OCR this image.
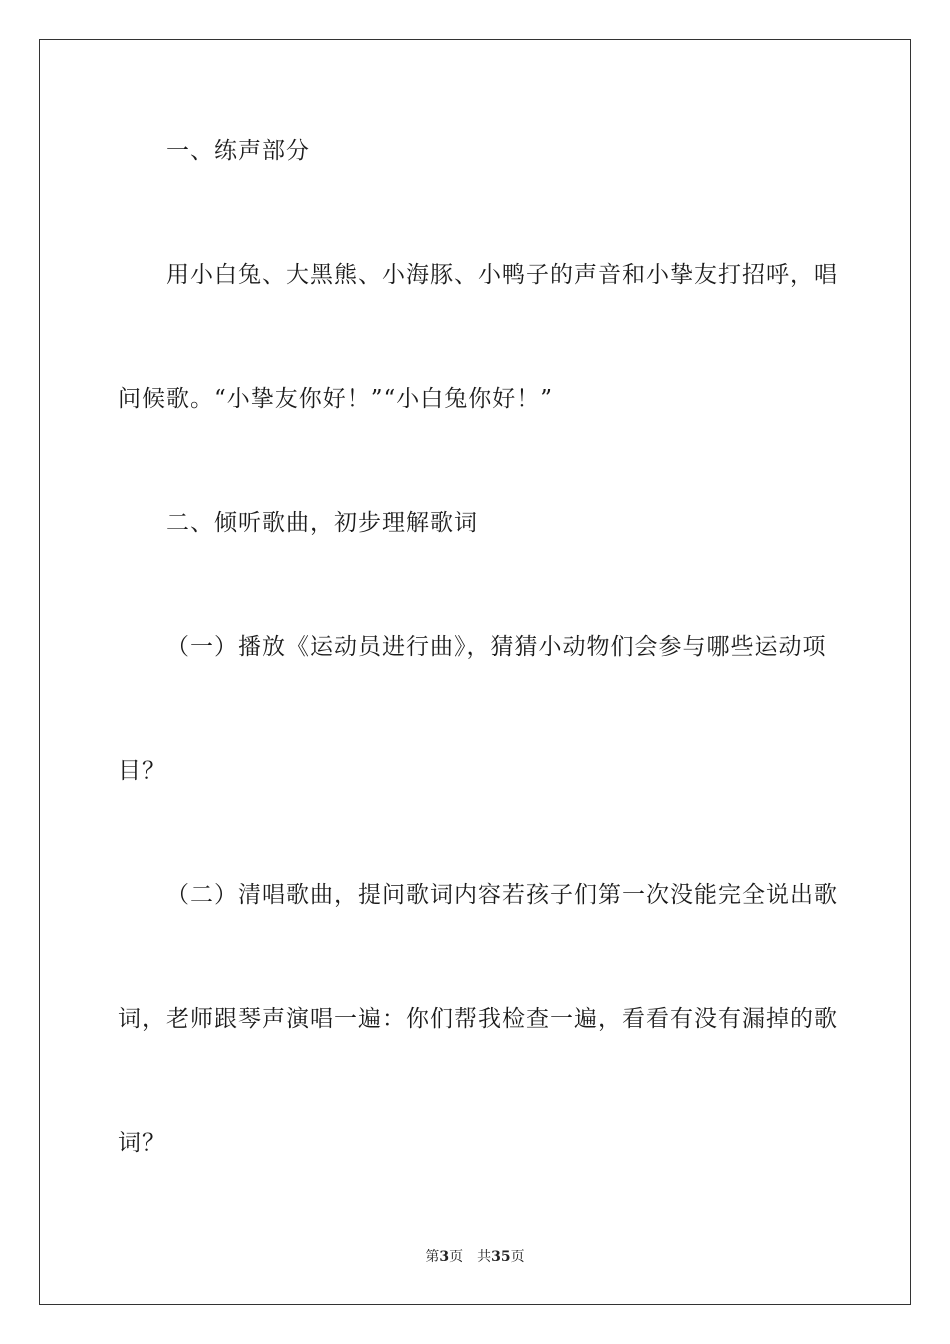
一、练声部分
用小白兔、大黑熊、小海豚、小鸭子的声音和小挚友打招呼，唱
问候歌。“小挚友你好！”“小白兔你好！”
二、倾听歌曲，初步理解歌词
（一）播放《运动员进行曲》，猜猜小动物们会参与哪些运动项
目？
（二）清唱歌曲，提问歌词内容若孩子们第一次没能完全说出歌
词，老师跟琴声演唱一遍：你们帮我检查一遍，看看有没有漏掉的歌
词？
第3页 共35页
